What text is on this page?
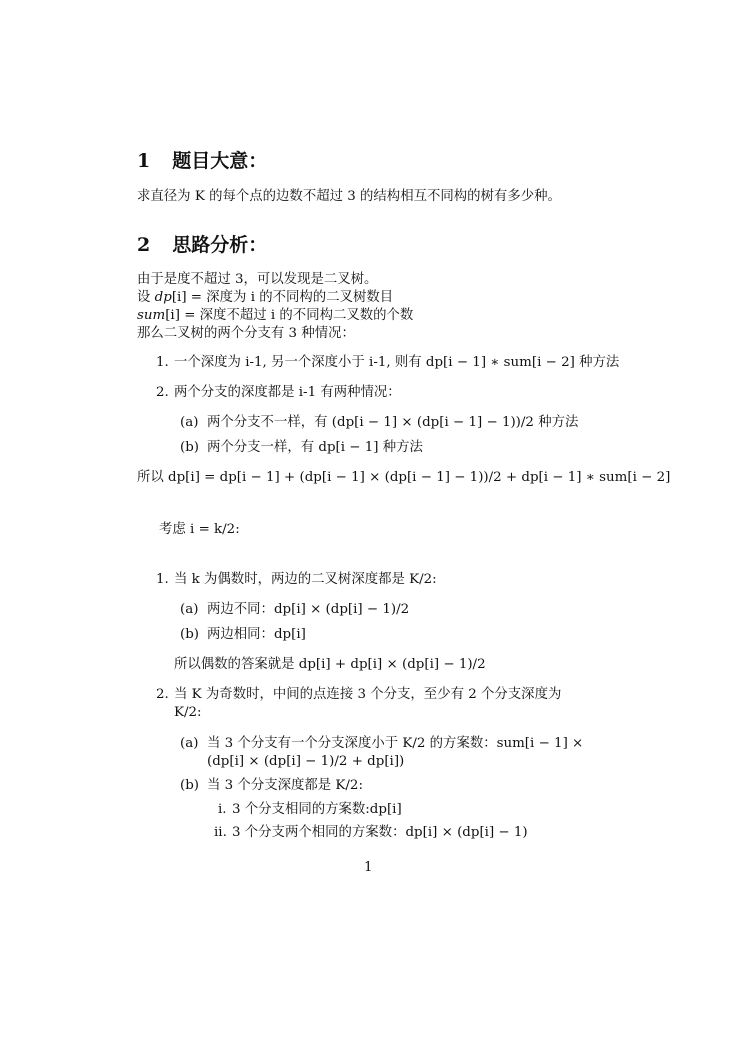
1 题目大意：

求直径为 K 的每个点的边数不超过 3 的结构相互不同构的树有多少种。

2 思路分析：

由于是度不超过 3，可以发现是二叉树。

设 dp[i] = 深度为 i 的不同构的二叉树数目

sum[i] = 深度不超过 i 的不同构二叉数的个数

那么二叉树的两个分支有 3 种情况：

1. 一个深度为 i-1, 另一个深度小于 i-1, 则有 dp[i − 1] ∗ sum[i − 2] 种方法
2. 两个分支的深度都是 i-1 有两种情况：
(a) 两个分支不一样，有 (dp[i − 1] × (dp[i − 1] − 1))/2 种方法
(b) 两个分支一样，有 dp[i − 1] 种方法

所以 dp[i] = dp[i − 1] + (dp[i − 1] × (dp[i − 1] − 1))/2 + dp[i − 1] ∗ sum[i − 2]

考虑 i = k/2:

1. 当 k 为偶数时，两边的二叉树深度都是 K/2:
(a) 两边不同：dp[i] × (dp[i] − 1)/2
(b) 两边相同：dp[i]

所以偶数的答案就是 dp[i] + dp[i] × (dp[i] − 1)/2

2. 当 K 为奇数时，中间的点连接 3 个分支，至少有 2 个分支深度为

K/2:

(a) 当 3 个分支有一个分支深度小于 K/2 的方案数：sum[i − 1] ×

(dp[i] × (dp[i] − 1)/2 + dp[i])

(b) 当 3 个分支深度都是 K/2:
i. 3 个分支相同的方案数:dp[i]
ii. 3 个分支两个相同的方案数：dp[i] × (dp[i] − 1)
1
